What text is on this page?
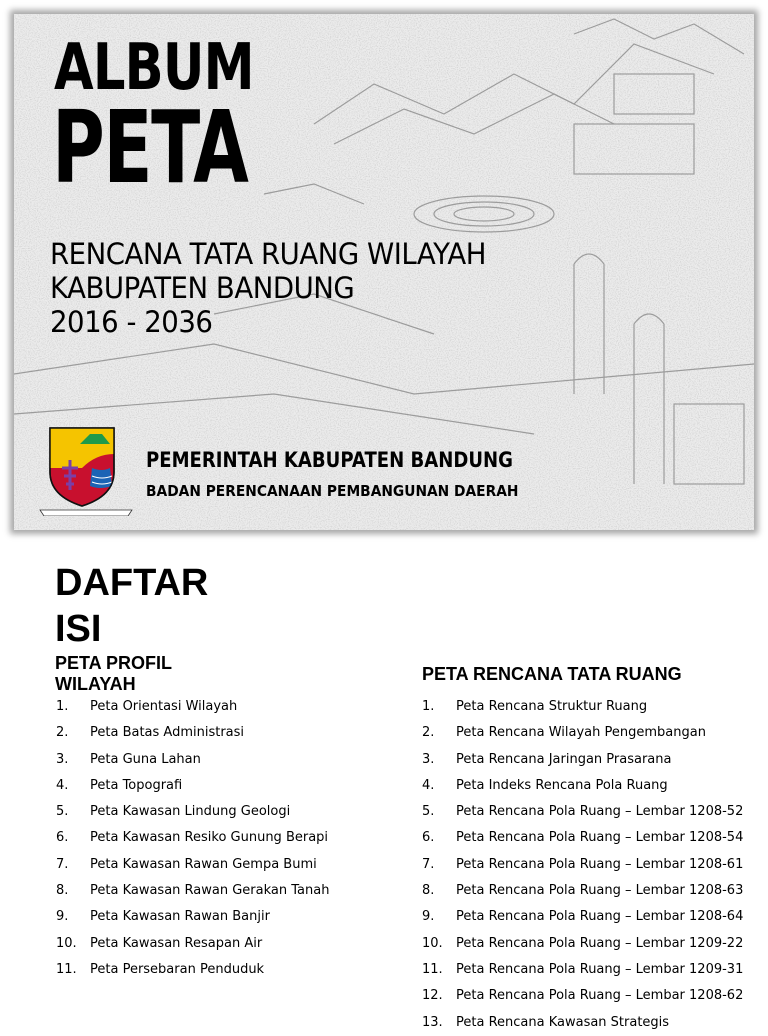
ALBUM
PETA
RENCANA TATA RUANG WILAYAH
KABUPATEN BANDUNG
2016 - 2036
PEMERINTAH KABUPATEN BANDUNG
BADAN PERENCANAAN PEMBANGUNAN DAERAH
DAFTAR
ISI
PETA PROFIL WILAYAH	PETA RENCANA TATA RUANG
1. Peta Orientasi Wilayah
2. Peta Batas Administrasi
3. Peta Guna Lahan
4. Peta Topografi
5. Peta Kawasan Lindung Geologi
6. Peta Kawasan Resiko Gunung Berapi
7. Peta Kawasan Rawan Gempa Bumi
8. Peta Kawasan Rawan Gerakan Tanah
9. Peta Kawasan Rawan Banjir
10. Peta Kawasan Resapan Air
11. Peta Persebaran Penduduk
1. Peta Rencana Struktur Ruang
2. Peta Rencana Wilayah Pengembangan
3. Peta Rencana Jaringan Prasarana
4. Peta Indeks Rencana Pola Ruang
5. Peta Rencana Pola Ruang – Lembar 1208-52
6. Peta Rencana Pola Ruang – Lembar 1208-54
7. Peta Rencana Pola Ruang – Lembar 1208-61
8. Peta Rencana Pola Ruang – Lembar 1208-63
9. Peta Rencana Pola Ruang – Lembar 1208-64
10. Peta Rencana Pola Ruang – Lembar 1209-22
11. Peta Rencana Pola Ruang – Lembar 1209-31
12. Peta Rencana Pola Ruang – Lembar 1208-62
13. Peta Rencana Kawasan Strategis
